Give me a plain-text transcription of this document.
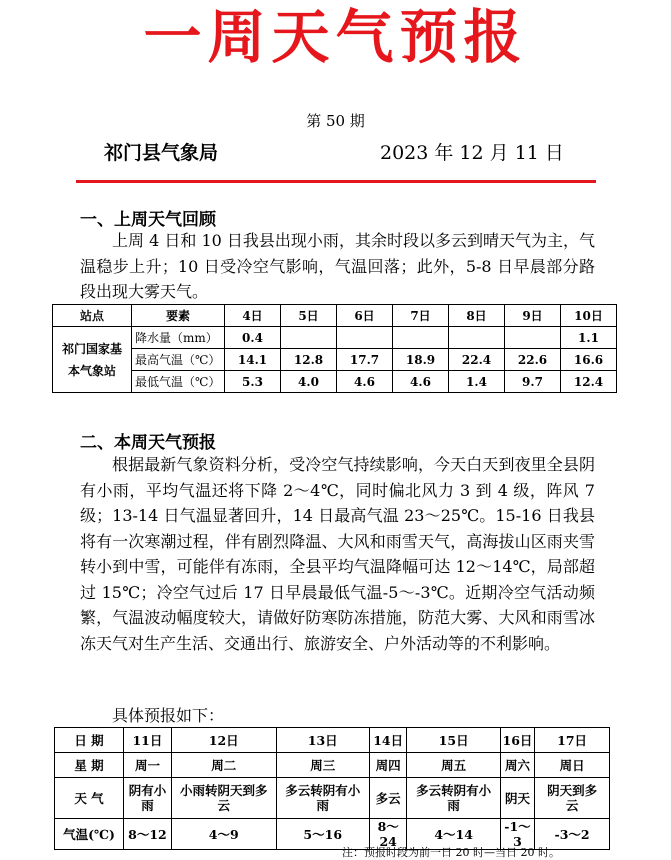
一周天气预报
第 50 期
祁门县气象局	2023 年 12 月 11 日
一、上周天气回顾
上周 4 日和 10 日我县出现小雨，其余时段以多云到晴天气为主，气温稳步上升；10 日受冷空气影响，气温回落；此外，5-8 日早晨部分路段出现大雾天气。
站点	要素	4日	5日	6日	7日	8日	9日	10日
祁门国家基本气象站	降水量（mm）	0.4						1.1
	最高气温（℃）	14.1	12.8	17.7	18.9	22.4	22.6	16.6
	最低气温（℃）	5.3	4.0	4.6	4.6	1.4	9.7	12.4
二、本周天气预报
根据最新气象资料分析，受冷空气持续影响，今天白天到夜里全县阴有小雨，平均气温还将下降 2～4℃，同时偏北风力 3 到 4 级，阵风 7 级；13-14 日气温显著回升，14 日最高气温 23～25℃。15-16 日我县将有一次寒潮过程，伴有剧烈降温、大风和雨雪天气，高海拔山区雨夹雪转小到中雪，可能伴有冻雨，全县平均气温降幅可达 12～14℃，局部超过 15℃；冷空气过后 17 日早晨最低气温-5～-3℃。近期冷空气活动频繁，气温波动幅度较大，请做好防寒防冻措施，防范大雾、大风和雨雪冰冻天气对生产生活、交通出行、旅游安全、户外活动等的不利影响。
具体预报如下：
日 期	11日	12日	13日	14日	15日	16日	17日
星 期	周一	周二	周三	周四	周五	周六	周日
天 气	阴有小雨	小雨转阴天到多云	多云转阴有小雨	多云	多云转阴有小雨	阴天	阴天到多云
气温(℃)	8～12	4～9	5～16	8～24	4～14	-1～3	-3～2
注：预报时段为前一日 20 时—当日 20 时。
